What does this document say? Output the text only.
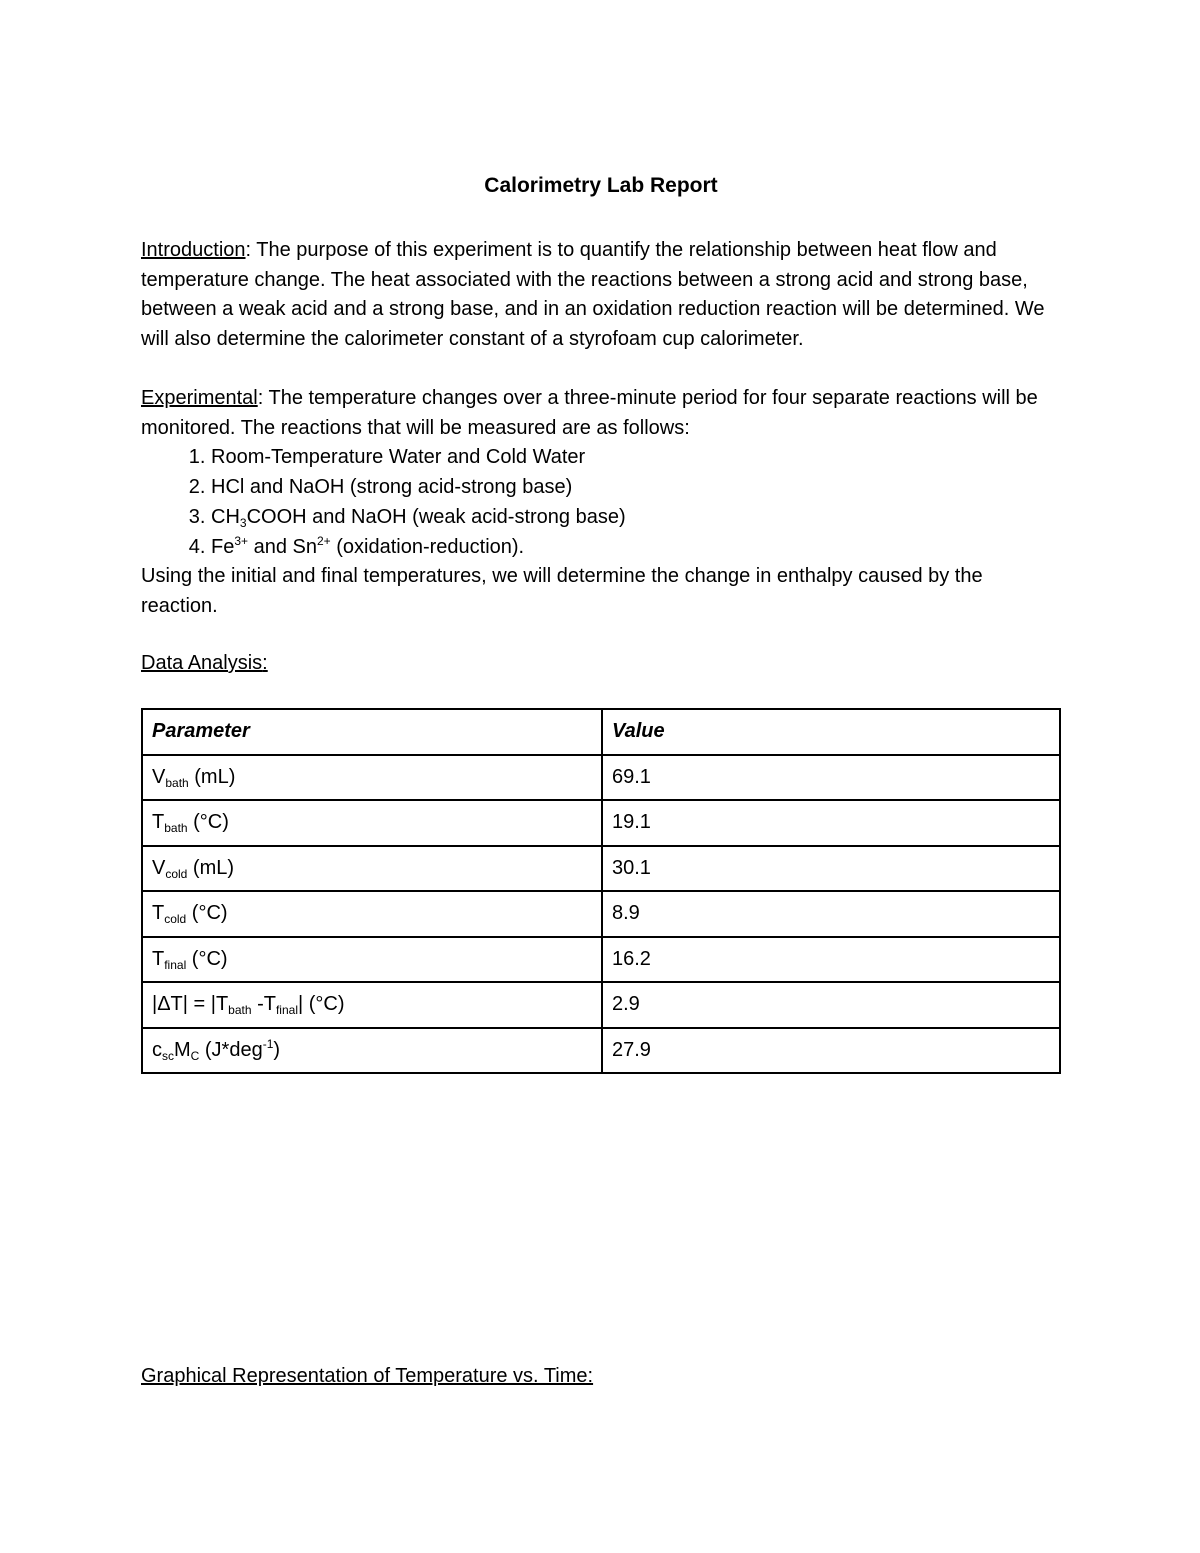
Calorimetry Lab Report
Introduction: The purpose of this experiment is to quantify the relationship between heat flow and temperature change. The heat associated with the reactions between a strong acid and strong base, between a weak acid and a strong base, and in an oxidation reduction reaction will be determined. We will also determine the calorimeter constant of a styrofoam cup calorimeter.
Experimental: The temperature changes over a three-minute period for four separate reactions will be monitored. The reactions that will be measured are as follows:
1. Room-Temperature Water and Cold Water
2. HCl and NaOH (strong acid-strong base)
3. $CH_3COOH$ and NaOH (weak acid-strong base)
4. $Fe^{3+}$ and $Sn^{2+}$ (oxidation-reduction).
Using the initial and final temperatures, we will determine the change in enthalpy caused by the reaction.
Data Analysis:
Parameter	Value
$V_{bath}$ (mL)	69.1
$T_{bath}$ (°C)	19.1
$V_{cold}$ (mL)	30.1
$T_{cold}$ (°C)	8.9
$T_{final}$ (°C)	16.2
$|\Delta T| = |T_{bath}$ $-T_{final}|$ (°C)	2.9
$c_{sc}M_C$ (J*deg$^{-1}$)	27.9
Graphical Representation of Temperature vs. Time:
